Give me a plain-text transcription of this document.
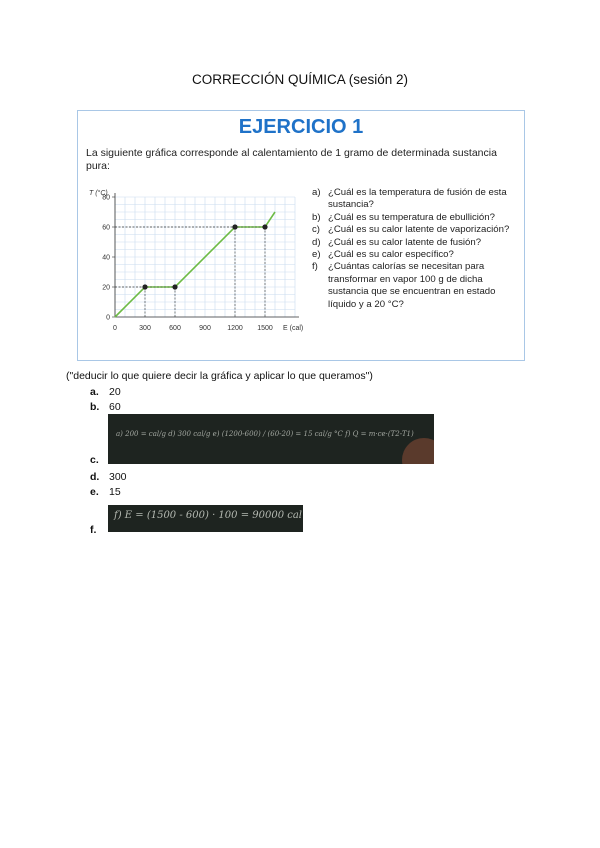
CORRECCIÓN QUÍMICA (sesión 2)
EJERCICIO 1
La siguiente gráfica corresponde al calentamiento de 1 gramo de determinada sustancia pura:
0	300	600	900 1200 1500
0
20
40
60
80
E (cal)
T (°C)	a) ¿Cuál es la temperatura de fusión de esta sustancia?
b) ¿Cuál es su temperatura de ebullición?
c) ¿Cuál es su calor latente de vaporización?
d) ¿Cuál es su calor latente de fusión?
e) ¿Cuál es su calor específico?
f)	¿Cuántas calorías se necesitan para transformar en vapor 100 g de dicha sustancia que se encuentran en estado líquido y a 20 °C?
("deducir lo que quiere decir la gráfica y aplicar lo que queramos")
a. 20
b. 60
c.
d. 300
e. 15
f.
a) 200 = cal/g d) 300 cal/g e) (1200-600) / (60-20) = 15 cal/g °C f) Q = m·ce·(T2-T1)
f) E = (1500 - 600) · 100 = 90000 cal
